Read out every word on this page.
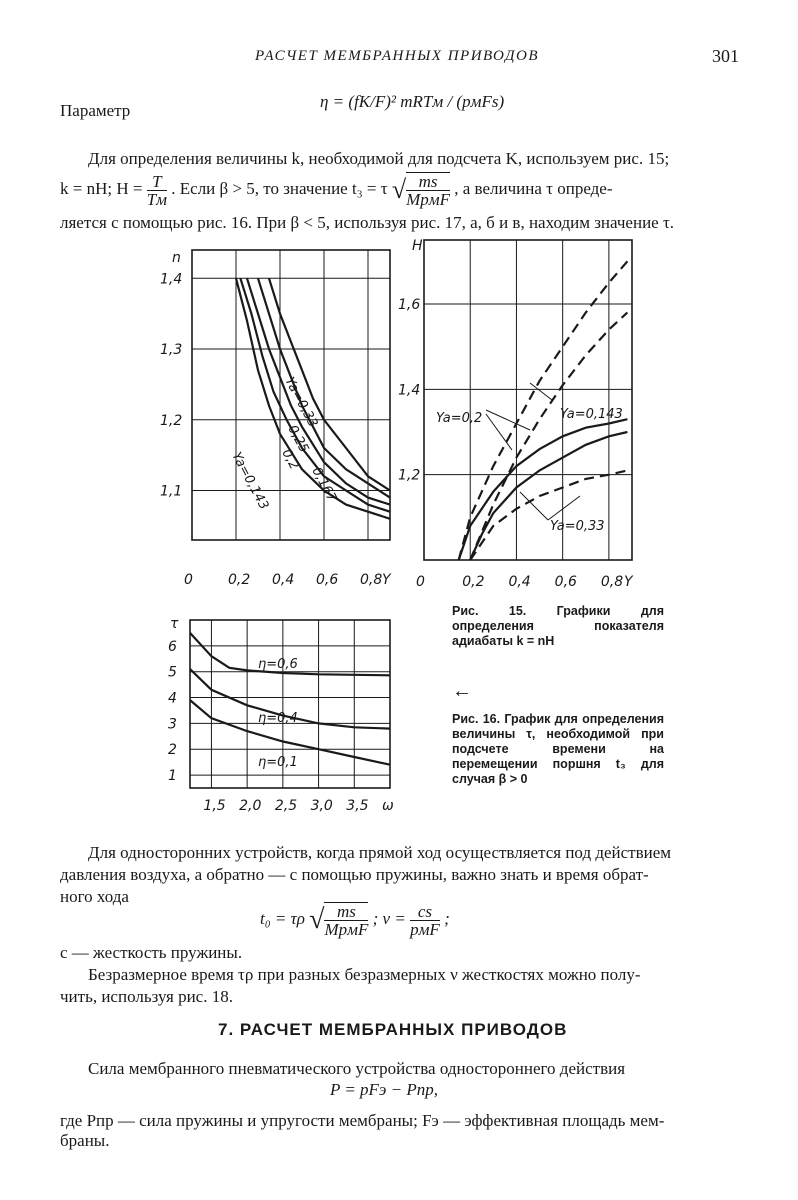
РАСЧЕТ МЕМБРАННЫХ ПРИВОДОВ	301

Параметр	η = (fK/F)² mRTм / (pмFs)

Для определения величины k, необходимой для подсчета K, используем рис. 15;

k = nH; $H = \frac{T}{Tм}$ . Если β > 5, то значение t₃ = τ √ $\frac{ms}{\text{MpмF}}$ , а величина τ опреде-

ляется с помощью рис. 16. При β < 5, используя рис. 17, а, б и в, находим значение τ.

0	0,2 0,4 0,6 0,8 Y
1,4
1,3
1,2
1,1
n
Ya=0,33
0,25
0,2
0,167
Ya=0,143
0	0,2 0,4 0,6 0,8 Y
1,6
1,4
1,2
H
Ya=0,2	Ya=0,143
Ya=0,33
1,5 2,0 2,5 3,0 3,5 ω
6
5
4
3
2
1
τ
η=0,6
η=0,4
η=0,1
Рис. 15. Графики для определения показателя адиабаты k = nH
←
Рис. 16. График для определения величины τ, необходимой при подсчете времени на перемещении поршня t₃ для случая β > 0

Для односторонних устройств, когда прямой ход осуществляется под действием

давления воздуха, а обратно — с помощью пружины, важно знать и время обрат-

ного хода

t₀ = τρ √ $\frac{ms}{\text{MpмF}}$ ; $\nu = \frac{cs}{\text{pмF}}$ ;

c — жесткость пружины.

Безразмерное время τρ при разных безразмерных ν жесткостях можно полу-

чить, используя рис. 18.

7. РАСЧЕТ МЕМБРАННЫХ ПРИВОДОВ

Сила мембранного пневматического устройства одностороннего действия

P = pFэ − Pпр,

где Pпр — сила пружины и упругости мембраны; Fэ — эффективная площадь мем-

браны.
